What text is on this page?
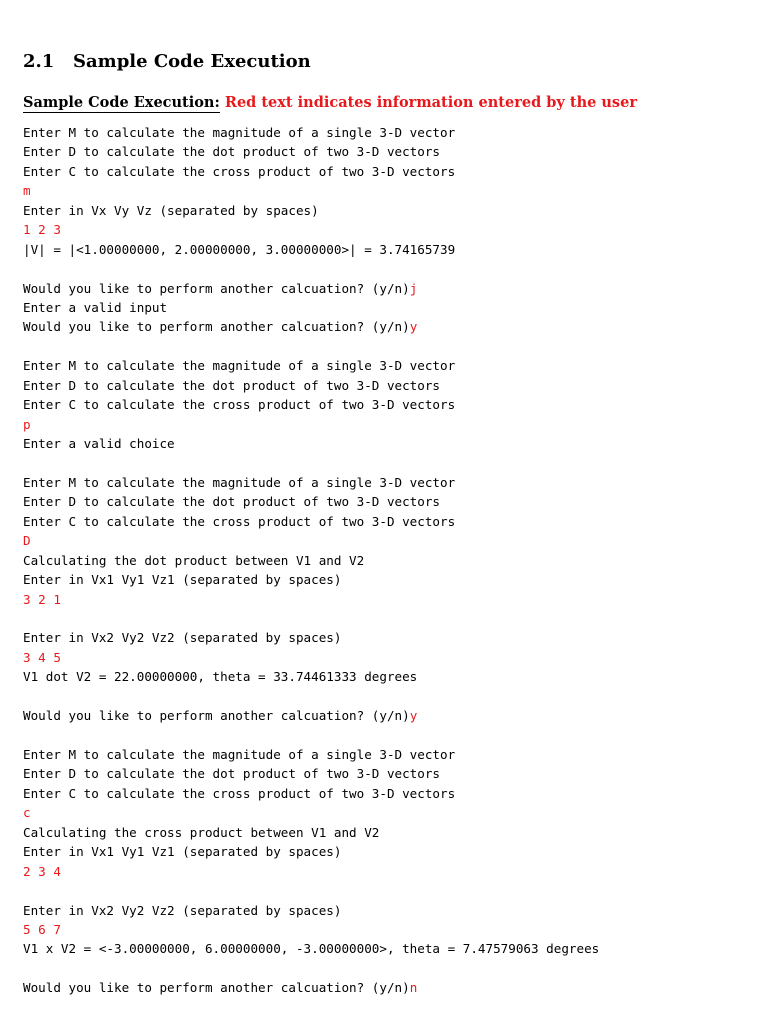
2.1 Sample Code Execution
Sample Code Execution: Red text indicates information entered by the user
Enter M to calculate the magnitude of a single 3-D vector
Enter D to calculate the dot product of two 3-D vectors
Enter C to calculate the cross product of two 3-D vectors
m
Enter in Vx Vy Vz (separated by spaces)
1 2 3
|V| = |<1.00000000, 2.00000000, 3.00000000>| = 3.74165739
Would you like to perform another calcuation? (y/n)j
Enter a valid input
Would you like to perform another calcuation? (y/n)y
Enter M to calculate the magnitude of a single 3-D vector
Enter D to calculate the dot product of two 3-D vectors
Enter C to calculate the cross product of two 3-D vectors
p
Enter a valid choice
Enter M to calculate the magnitude of a single 3-D vector
Enter D to calculate the dot product of two 3-D vectors
Enter C to calculate the cross product of two 3-D vectors
D
Calculating the dot product between V1 and V2
Enter in Vx1 Vy1 Vz1 (separated by spaces)
3 2 1
Enter in Vx2 Vy2 Vz2 (separated by spaces)
3 4 5
V1 dot V2 = 22.00000000, theta = 33.74461333 degrees
Would you like to perform another calcuation? (y/n)y
Enter M to calculate the magnitude of a single 3-D vector
Enter D to calculate the dot product of two 3-D vectors
Enter C to calculate the cross product of two 3-D vectors
c
Calculating the cross product between V1 and V2
Enter in Vx1 Vy1 Vz1 (separated by spaces)
2 3 4
Enter in Vx2 Vy2 Vz2 (separated by spaces)
5 6 7
V1 x V2 = <-3.00000000, 6.00000000, -3.00000000>, theta = 7.47579063 degrees
Would you like to perform another calcuation? (y/n)n
